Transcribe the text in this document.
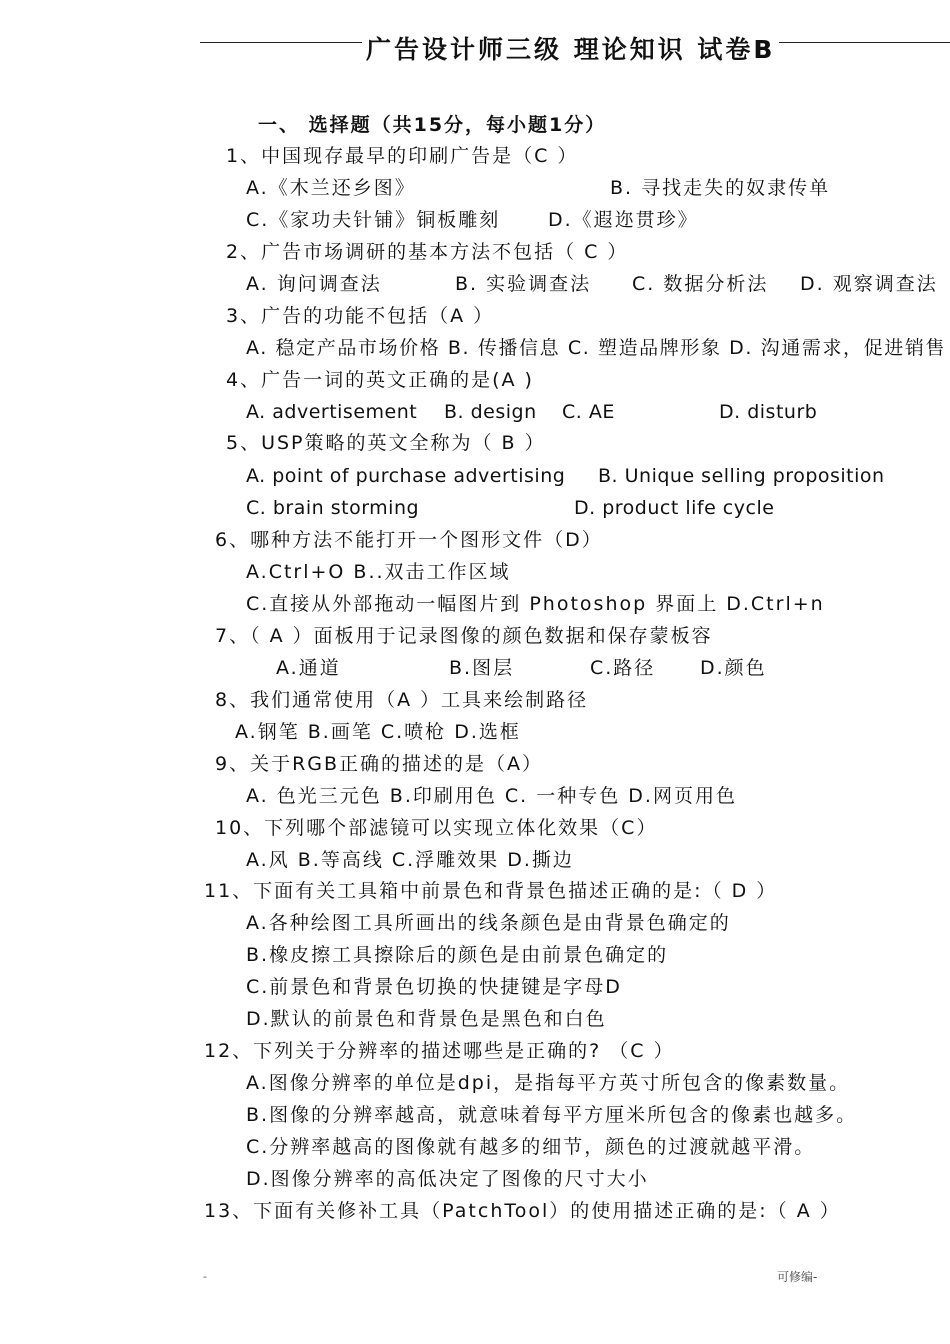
广告设计师三级 理论知识 试卷B
一、 选择题（共15分，每小题1分）
1、中国现存最早的印刷广告是（C ）
A.《木兰还乡图》	B. 寻找走失的奴隶传单
C.《家功夫针铺》铜板雕刻	D.《遐迩贯珍》
2、广告市场调研的基本方法不包括（ C ）
A. 询问调查法	B. 实验调查法 C. 数据分析法 D. 观察调查法
3、广告的功能不包括（A ）
A. 稳定产品市场价格 B. 传播信息 C. 塑造品牌形象 D. 沟通需求，促进销售
4、广告一词的英文正确的是(A )
A. advertisement B. design C. AE	D. disturb
5、USP策略的英文全称为（ B ）
A. point of purchase advertising B. Unique selling proposition
C. brain storming	D. product life cycle
6、哪种方法不能打开一个图形文件（D）
A.Ctrl+O B..双击工作区域
C.直接从外部拖动一幅图片到 Photoshop 界面上 D.Ctrl+n
7、（ A ）面板用于记录图像的颜色数据和保存蒙板容
A.通道	B.图层	C.路径 D.颜色
8、我们通常使用（A ）工具来绘制路径
A.钢笔 B.画笔 C.喷枪 D.选框
9、关于RGB正确的描述的是（A）
A. 色光三元色 B.印刷用色 C. 一种专色 D.网页用色
10、下列哪个部滤镜可以实现立体化效果（C）
A.风 B.等高线 C.浮雕效果 D.撕边
11、下面有关工具箱中前景色和背景色描述正确的是:（ D ）
A.各种绘图工具所画出的线条颜色是由背景色确定的
B.橡皮擦工具擦除后的颜色是由前景色确定的
C.前景色和背景色切换的快捷键是字母D
D.默认的前景色和背景色是黑色和白色
12、下列关于分辨率的描述哪些是正确的? （C ）
A.图像分辨率的单位是dpi，是指每平方英寸所包含的像素数量。
B.图像的分辨率越高，就意味着每平方厘米所包含的像素也越多。
C.分辨率越高的图像就有越多的细节，颜色的过渡就越平滑。
D.图像分辨率的高低决定了图像的尺寸大小
13、下面有关修补工具（PatchTool）的使用描述正确的是:（ A ）
-	可修编-
